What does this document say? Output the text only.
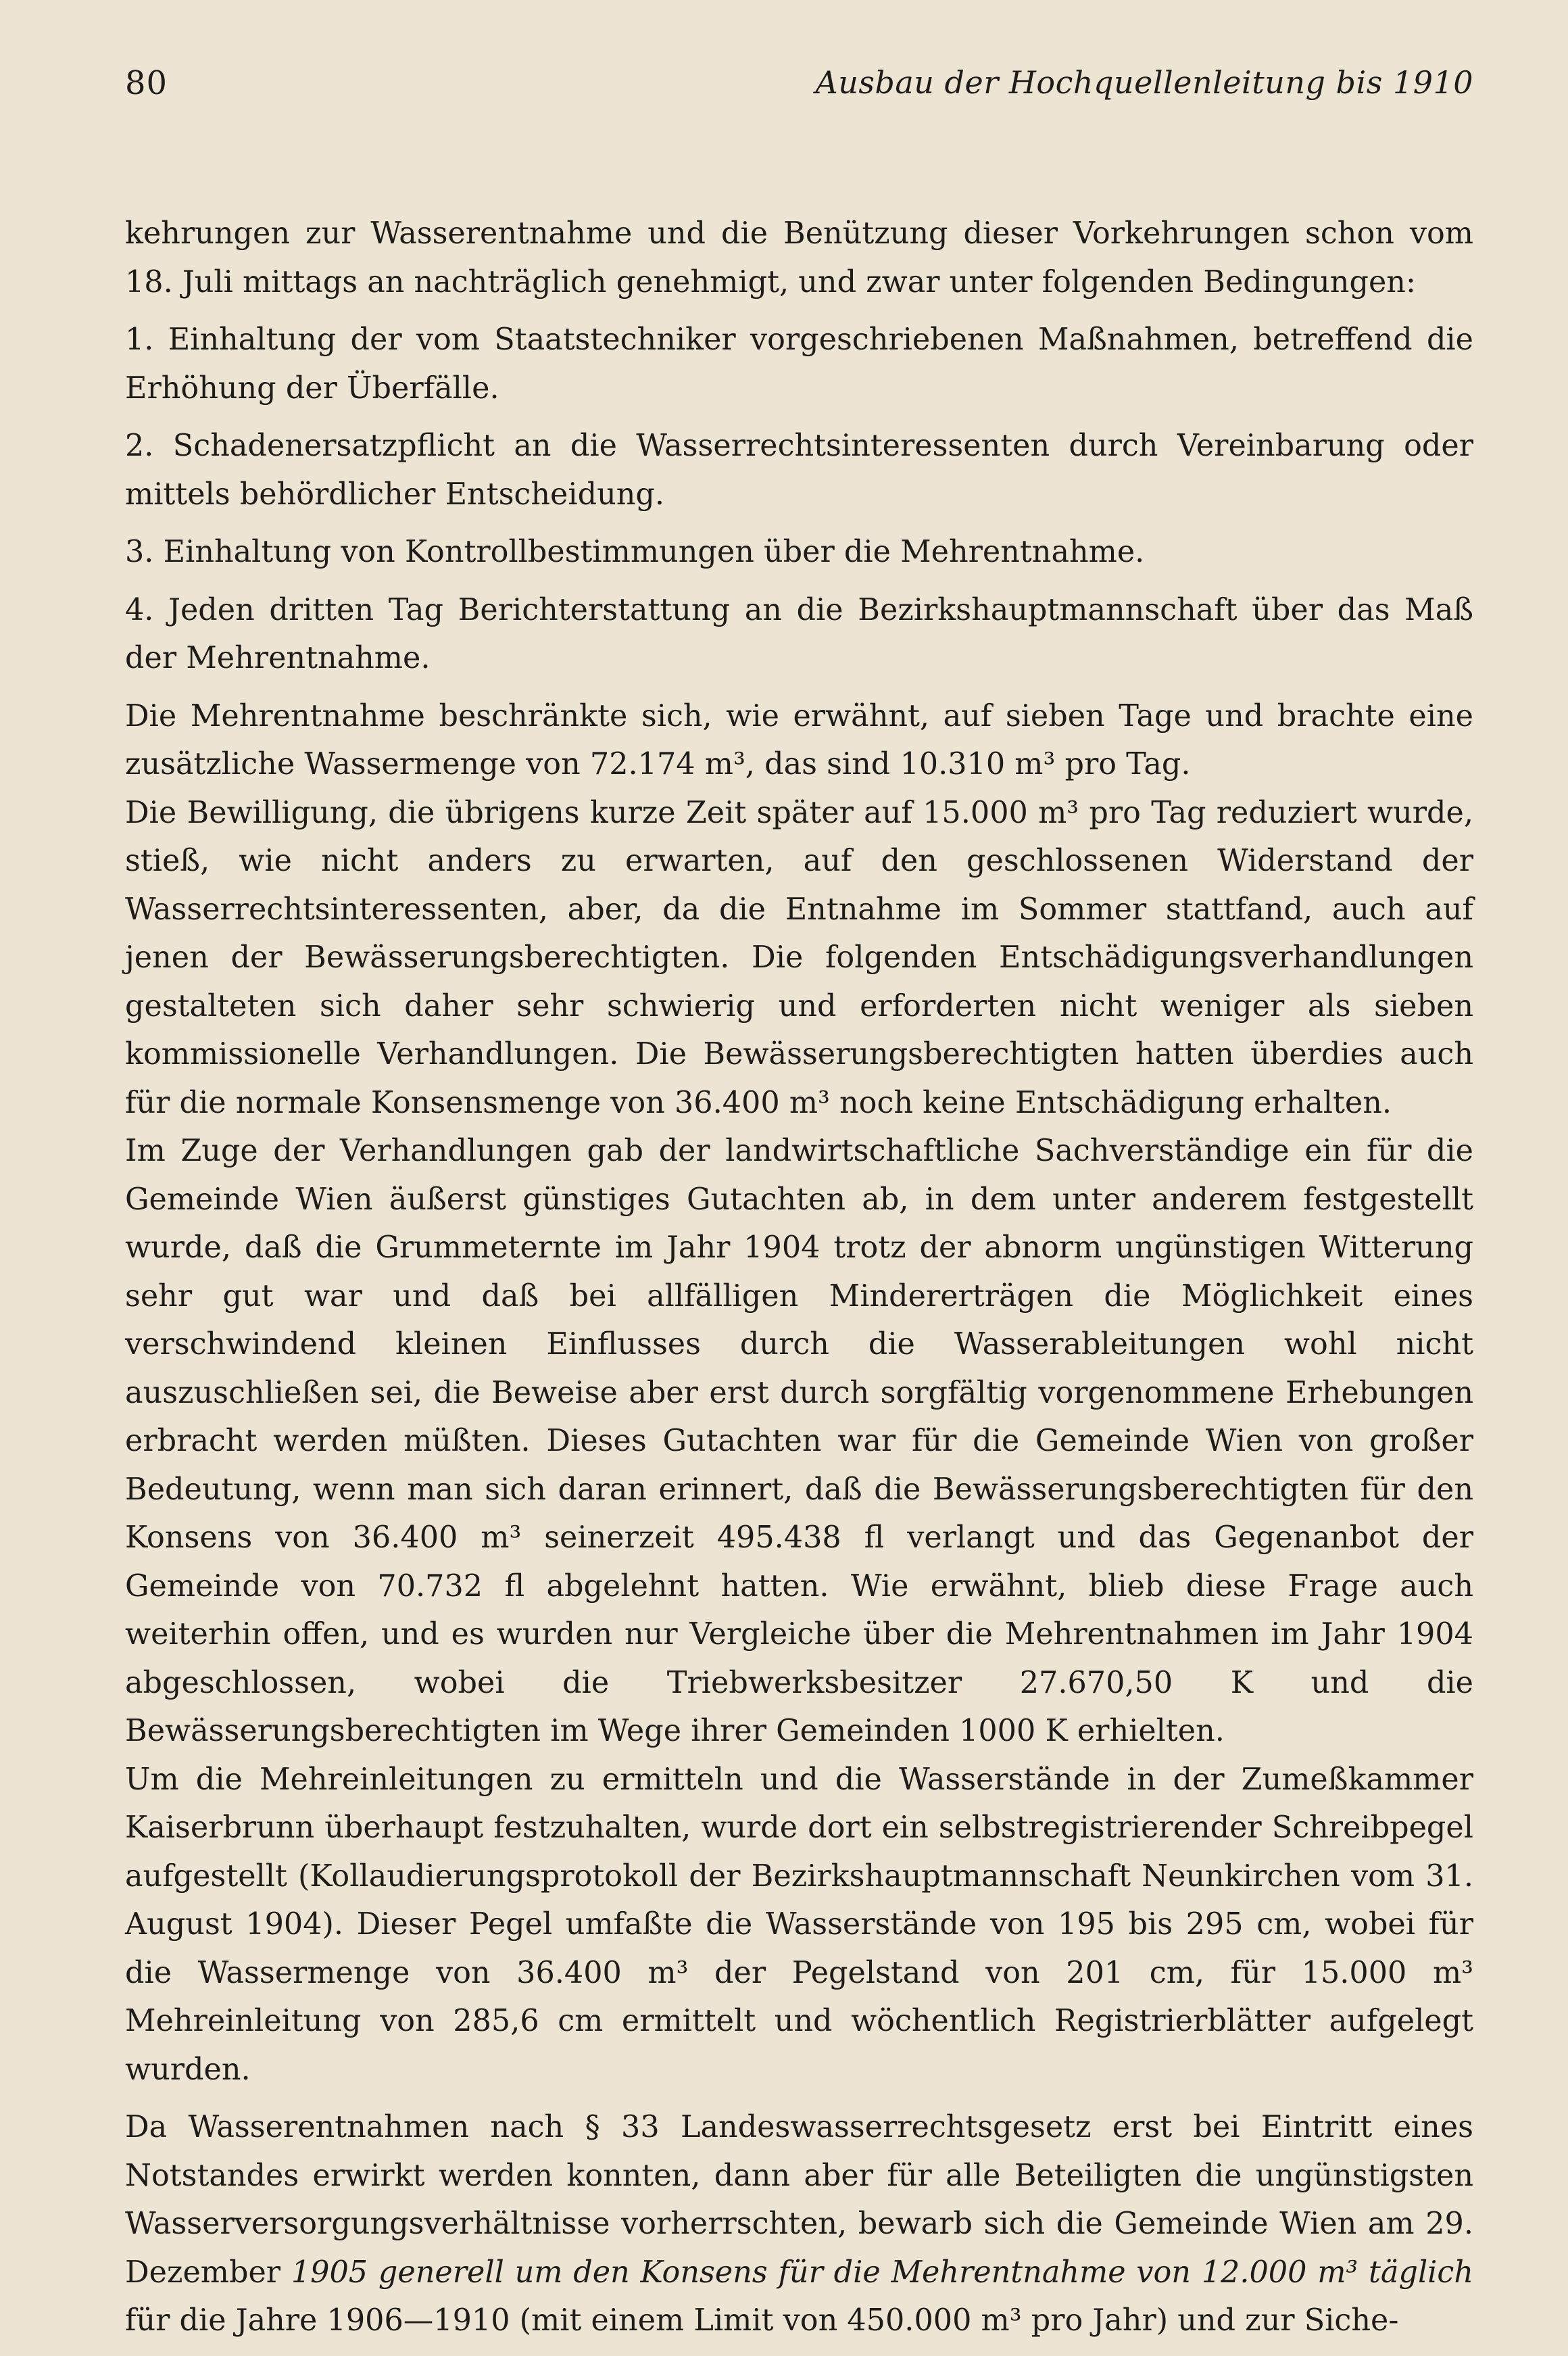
80	Ausbau der Hochquellenleitung bis 1910

kehrungen zur Wasserentnahme und die Benützung dieser Vorkehrungen schon vom 18. Juli mittags an nachträglich genehmigt, und zwar unter folgenden Bedingungen:

1. Einhaltung der vom Staatstechniker vorgeschriebenen Maßnahmen, betreffend die Erhöhung der Überfälle.

2. Schadenersatzpflicht an die Wasserrechtsinteressenten durch Vereinbarung oder mittels behördlicher Entscheidung.

3. Einhaltung von Kontrollbestimmungen über die Mehrentnahme.

4. Jeden dritten Tag Berichterstattung an die Bezirkshauptmannschaft über das Maß der Mehrentnahme.

Die Mehrentnahme beschränkte sich, wie erwähnt, auf sieben Tage und brachte eine zusätzliche Wassermenge von 72.174 m³, das sind 10.310 m³ pro Tag.

Die Bewilligung, die übrigens kurze Zeit später auf 15.000 m³ pro Tag reduziert wurde, stieß, wie nicht anders zu erwarten, auf den geschlossenen Widerstand der Wasserrechtsinteressenten, aber, da die Entnahme im Sommer stattfand, auch auf jenen der Bewässerungsberechtigten. Die folgenden Entschädigungsverhandlungen gestalteten sich daher sehr schwierig und erforderten nicht weniger als sieben kommissionelle Verhandlungen. Die Bewässerungsberechtigten hatten überdies auch für die normale Konsensmenge von 36.400 m³ noch keine Entschädigung erhalten.

Im Zuge der Verhandlungen gab der landwirtschaftliche Sachverständige ein für die Gemeinde Wien äußerst günstiges Gutachten ab, in dem unter anderem festgestellt wurde, daß die Grummeternte im Jahr 1904 trotz der abnorm ungünstigen Witterung sehr gut war und daß bei allfälligen Mindererträgen die Möglichkeit eines verschwindend kleinen Einflusses durch die Wasserableitungen wohl nicht auszuschließen sei, die Beweise aber erst durch sorgfältig vorgenommene Erhebungen erbracht werden müßten. Dieses Gutachten war für die Gemeinde Wien von großer Bedeutung, wenn man sich daran erinnert, daß die Bewässerungsberechtigten für den Konsens von 36.400 m³ seinerzeit 495.438 fl verlangt und das Gegenanbot der Gemeinde von 70.732 fl abgelehnt hatten. Wie erwähnt, blieb diese Frage auch weiterhin offen, und es wurden nur Vergleiche über die Mehrentnahmen im Jahr 1904 abgeschlossen, wobei die Triebwerksbesitzer 27.670,50 K und die Bewässerungsberechtigten im Wege ihrer Gemeinden 1000 K erhielten.

Um die Mehreinleitungen zu ermitteln und die Wasserstände in der Zumeßkammer Kaiserbrunn überhaupt festzuhalten, wurde dort ein selbstregistrierender Schreibpegel aufgestellt (Kollaudierungsprotokoll der Bezirkshauptmannschaft Neunkirchen vom 31. August 1904). Dieser Pegel umfaßte die Wasserstände von 195 bis 295 cm, wobei für die Wassermenge von 36.400 m³ der Pegelstand von 201 cm, für 15.000 m³ Mehreinleitung von 285,6 cm ermittelt und wöchentlich Registrierblätter aufgelegt wurden.

Da Wasserentnahmen nach § 33 Landeswasserrechtsgesetz erst bei Eintritt eines Notstandes erwirkt werden konnten, dann aber für alle Beteiligten die ungünstigsten Wasserversorgungsverhältnisse vorherrschten, bewarb sich die Gemeinde Wien am 29. Dezember 1905 generell um den Konsens für die Mehrentnahme von 12.000 m³ täglich für die Jahre 1906—1910 (mit einem Limit von 450.000 m³ pro Jahr) und zur Siche-
